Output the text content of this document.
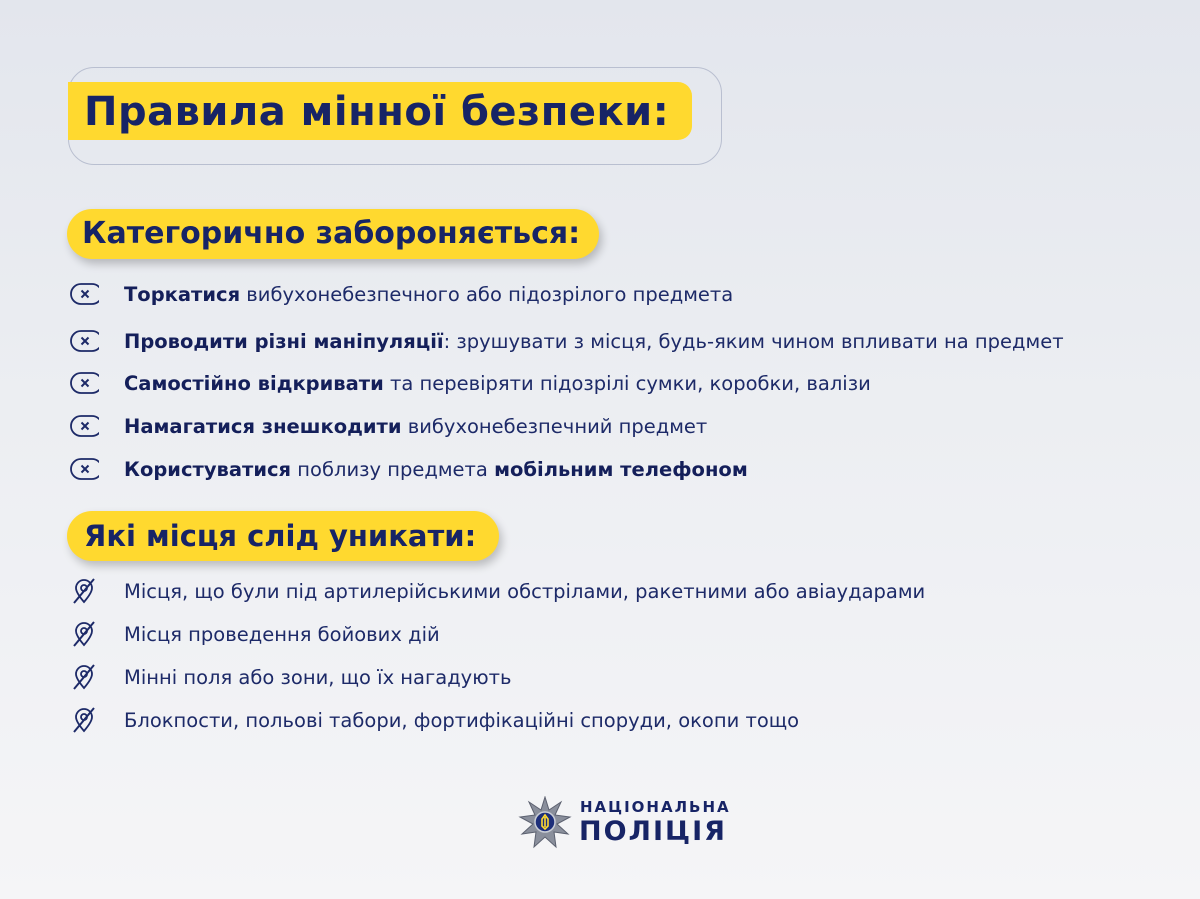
Правила мінної безпеки:
Категорично забороняється:
Торкатися вибухонебезпечного або підозрілого предмета
Проводити різні маніпуляції: зрушувати з місця, будь-яким чином впливати на предмет
Самостійно відкривати та перевіряти підозрілі сумки, коробки, валізи
Намагатися знешкодити вибухонебезпечний предмет
Користуватися поблизу предмета мобільним телефоном
Які місця слід уникати:
Місця, що були під артилерійськими обстрілами, ракетними або авіаударами
Місця проведення бойових дій
Мінні поля або зони, що їх нагадують
Блокпости, польові табори, фортифікаційні споруди, окопи тощо
НАЦІОНАЛЬНА
ПОЛІЦІЯ
